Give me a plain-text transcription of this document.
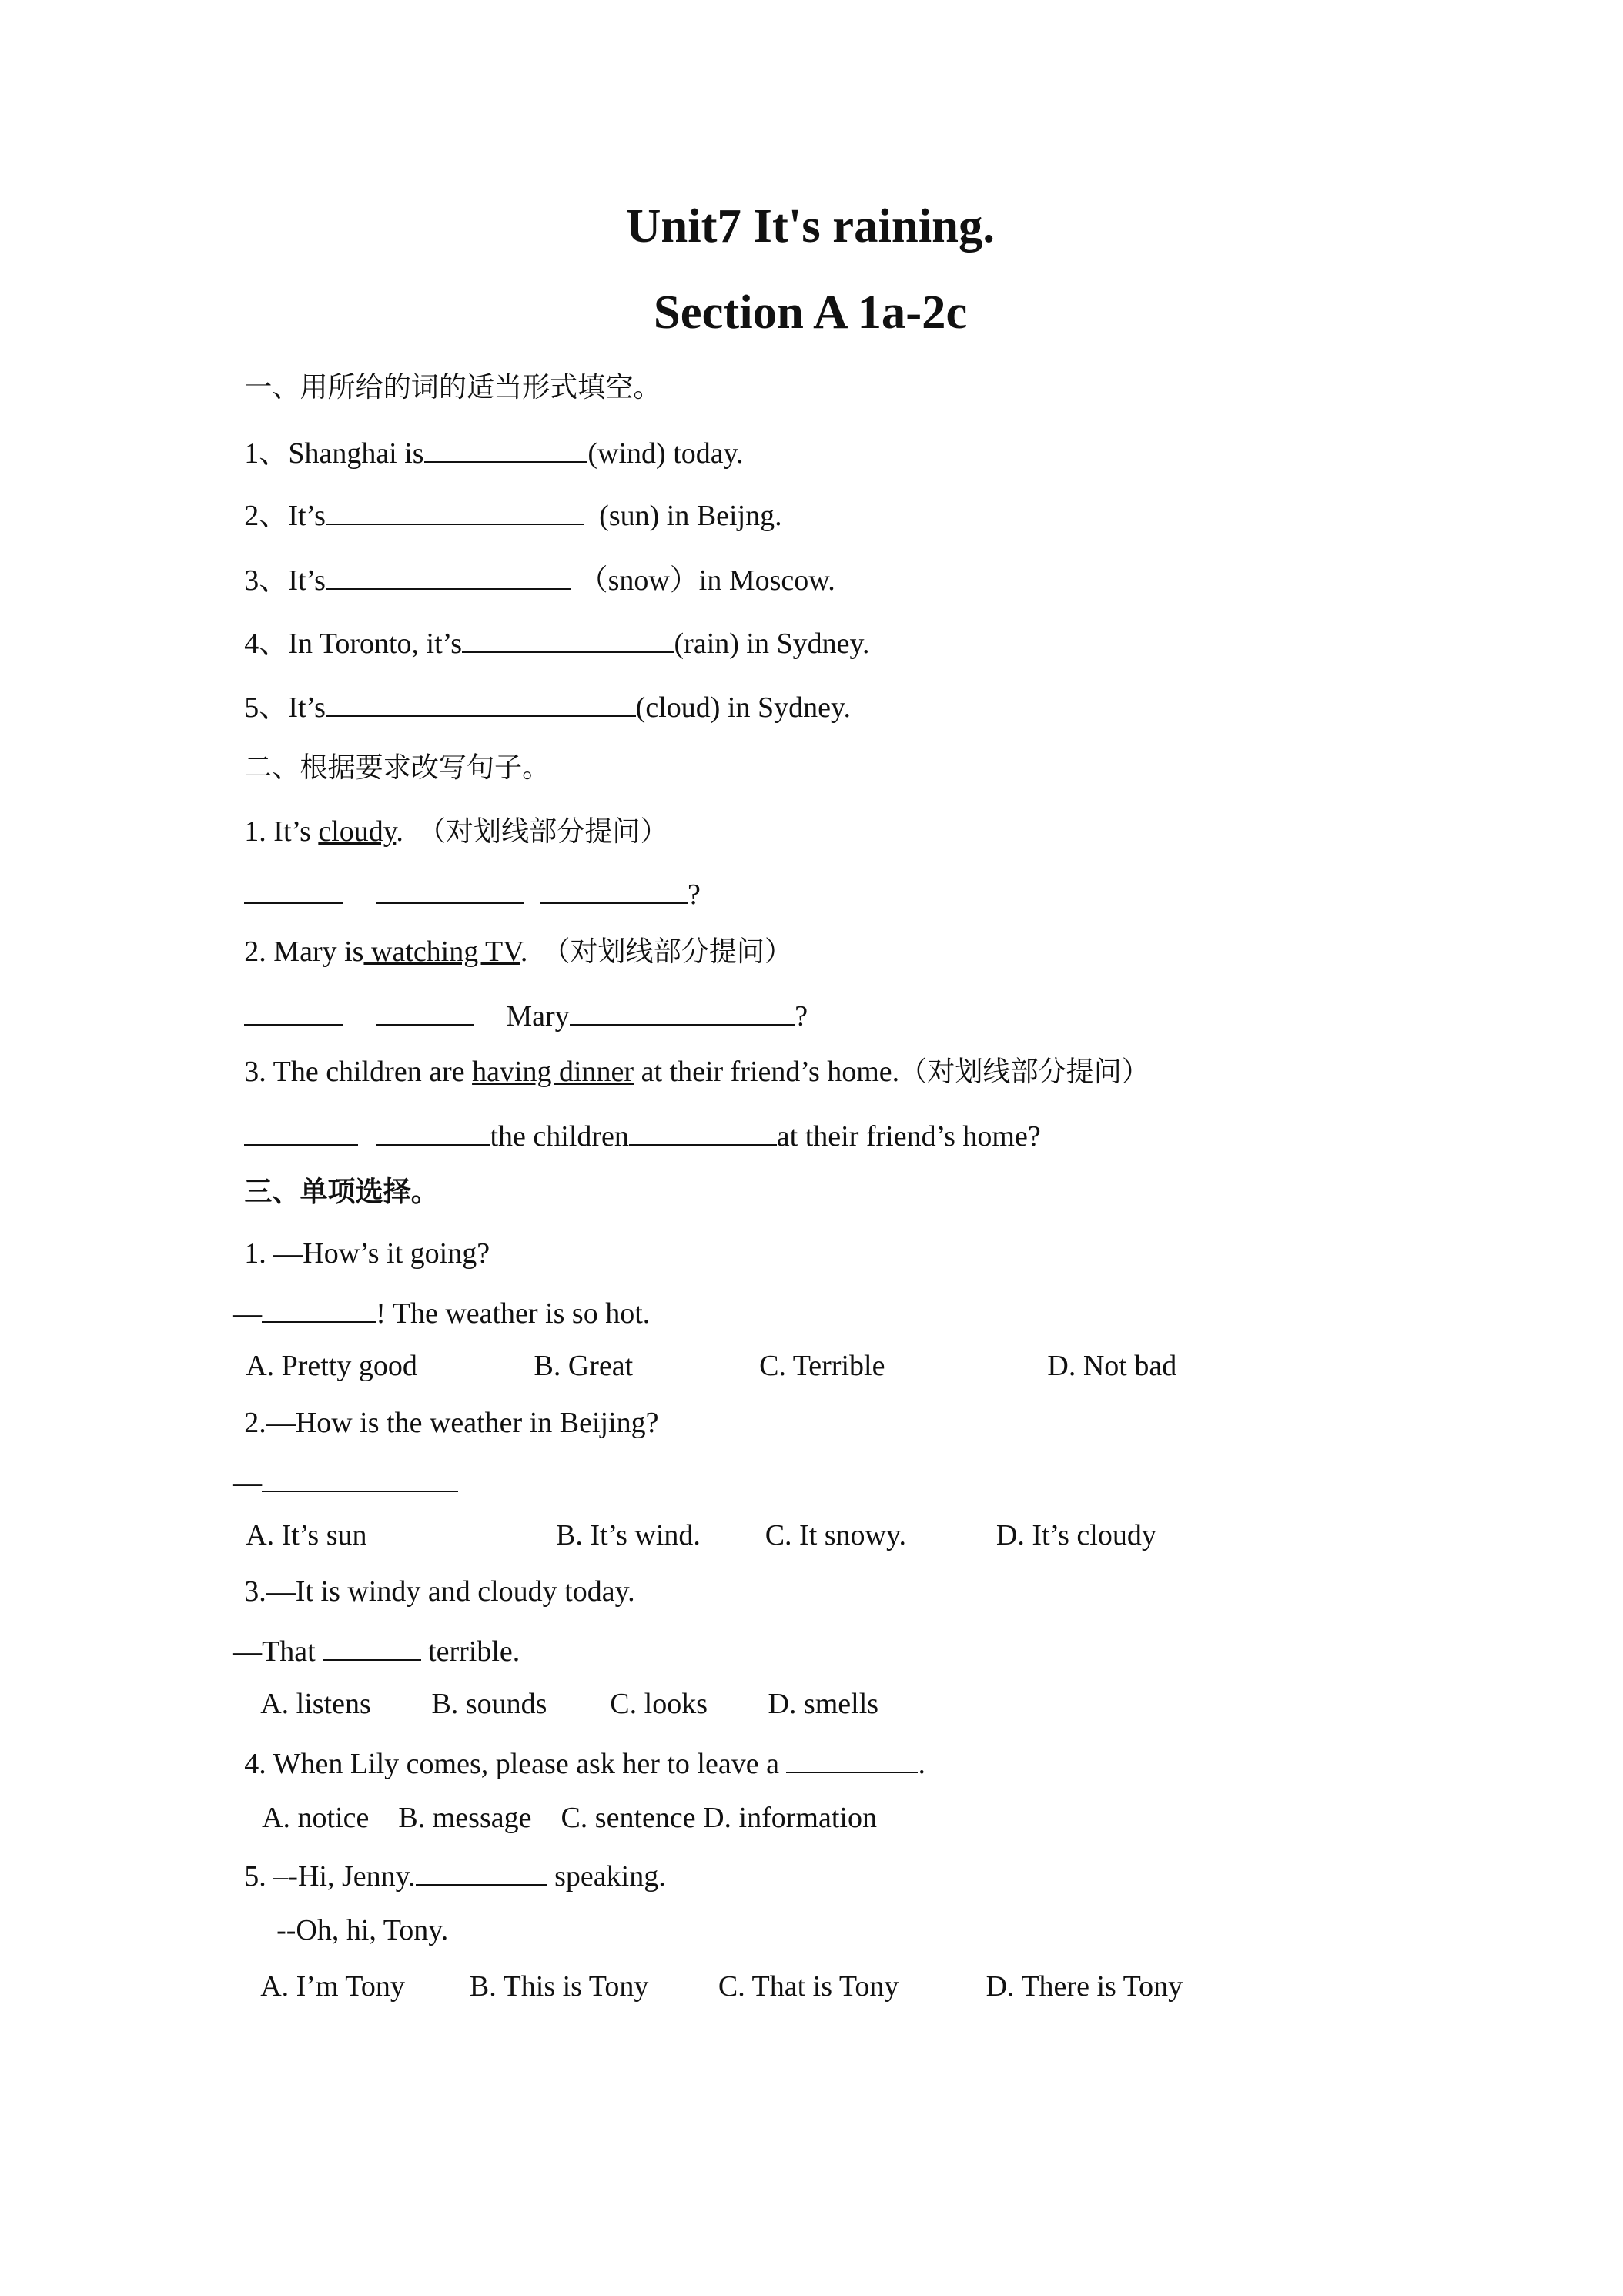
Unit7 It's raining.
Section A 1a-2c
一、用所给的词的适当形式填空。
1、Shanghai is	(wind) today.
2、It’s	(sun) in Beijng.
3、It’s	（snow）in Moscow.
4、In Toronto, it’s	(rain) in Sydney.
5、It’s	(cloud) in Sydney.
二、根据要求改写句子。
1. It’s cloudy.  （对划线部分提问）
?
2. Mary is watching TV.  （对划线部分提问）
Mary	?
3. The children are having dinner at their friend’s home.（对划线部分提问）
the children	at their friend’s home?
三、单项选择。
1. —How’s it going?
—	! The weather is so hot.
A. Pretty good	B. Great	C. Terrible	D. Not bad
2.—How is the weather in Beijing?
—
A. It’s sun	B. It’s wind.	C. It snowy.	D. It’s cloudy
3.—It is windy and cloudy today.
—That	terrible.
A. listens	B. sounds	C. looks	D. smells
4. When Lily comes, please ask her to leave a	.
A. notice    B. message    C. sentence D. information
5. –-Hi, Jenny.	speaking.
--Oh, hi, Tony.
A. I’m Tony	B. This is Tony	C. That is Tony	D. There is Tony
